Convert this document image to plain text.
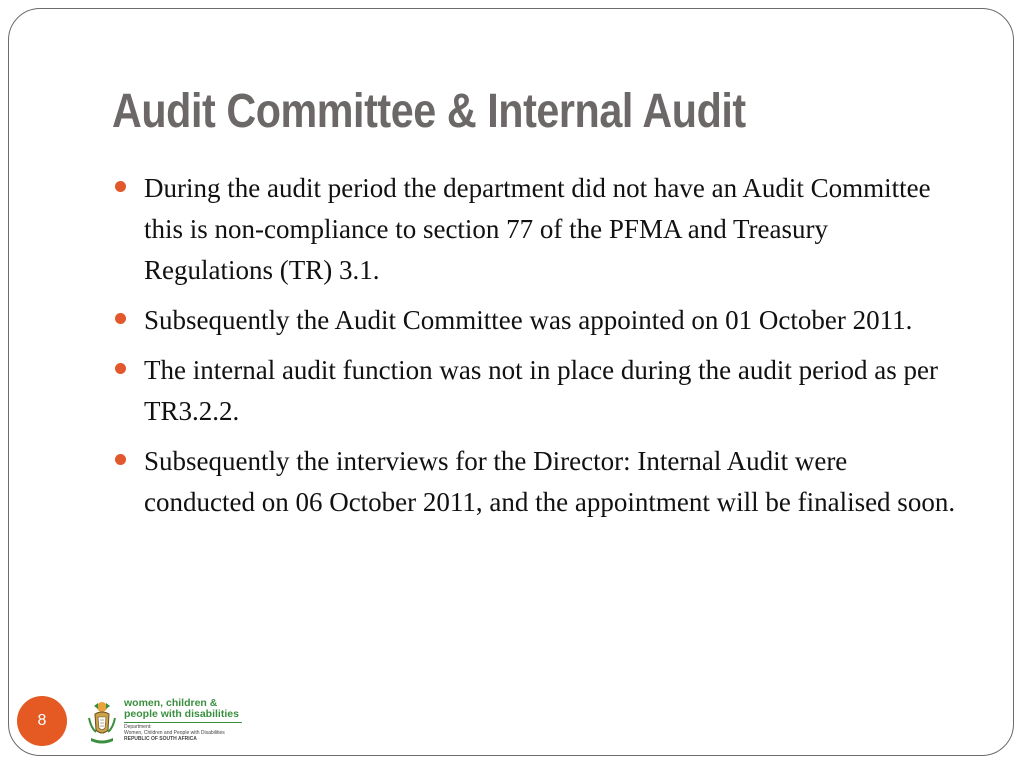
Audit Committee & Internal Audit
During the audit period the department did not have an Audit Committee this is non-compliance to section 77 of the PFMA and Treasury Regulations (TR) 3.1.
Subsequently the Audit Committee was appointed on 01 October 2011.
The internal audit function was not in place during the audit period as per TR3.2.2.
Subsequently the interviews for the Director: Internal Audit were conducted on 06 October 2011, and the appointment will be finalised soon.
8
women, children &
people with disabilities
Department:
Women, Children and People with Disabilities
REPUBLIC OF SOUTH AFRICA
